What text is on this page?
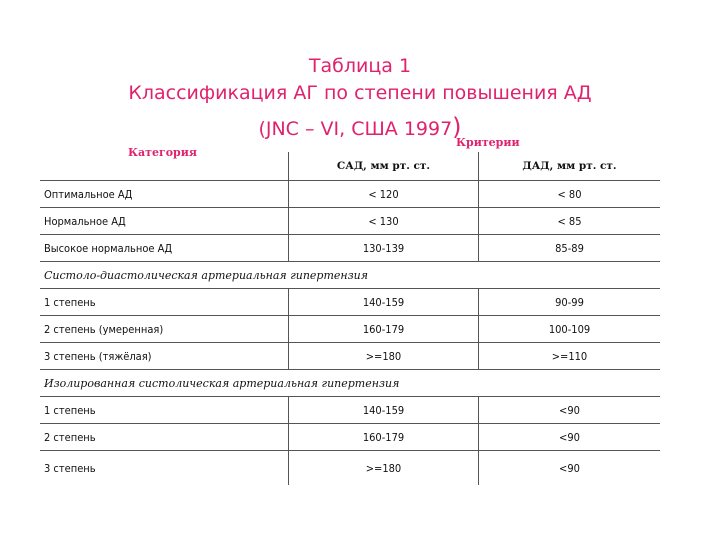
Таблица 1
Классификация АГ по степени повышения АД
(JNC – VI, США 1997)
Категория
Критерии
	САД, мм рт. ст.	ДАД, мм рт. ст.
Оптимальное АД	< 120	< 80
Нормальное АД	< 130	< 85
Высокое нормальное АД	130-139	85-89
Систоло-диастолическая артериальная гипертензия		
1 степень	140-159	90-99
2 степень (умеренная)	160-179	100-109
3 степень (тяжёлая)	>=180	>=110
Изолированная систолическая артериальная гипертензия		
1 степень	140-159	<90
2 степень	160-179	<90
3 степень	>=180	<90
